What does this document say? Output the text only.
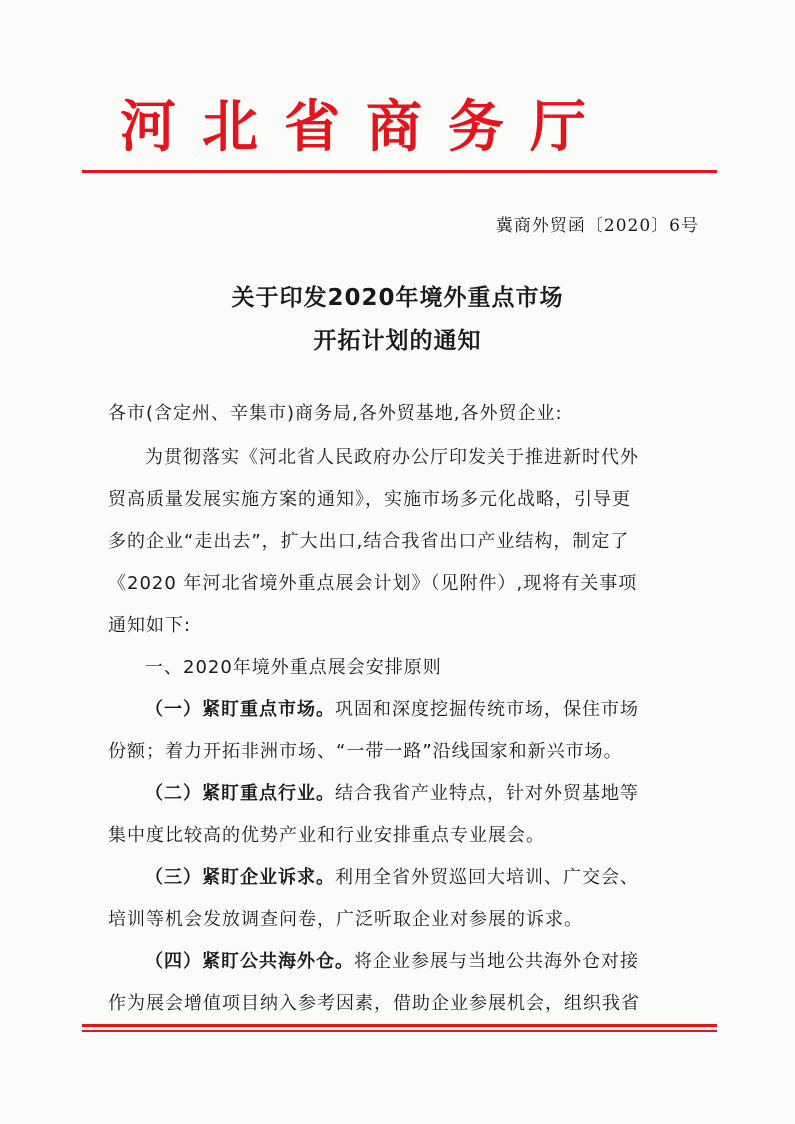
河北省商务厅
冀商外贸函〔2020〕6号
关于印发2020年境外重点市场
开拓计划的通知
各市(含定州、辛集市)商务局,各外贸基地,各外贸企业:
为贯彻落实《河北省人民政府办公厅印发关于推进新时代外
贸高质量发展实施方案的通知》，实施市场多元化战略，引导更
多的企业“走出去”，扩大出口,结合我省出口产业结构，制定了
《2020 年河北省境外重点展会计划》（见附件）,现将有关事项
通知如下:
一、2020年境外重点展会安排原则
（一）紧盯重点市场。巩固和深度挖掘传统市场，保住市场
份额；着力开拓非洲市场、“一带一路”沿线国家和新兴市场。
（二）紧盯重点行业。结合我省产业特点，针对外贸基地等
集中度比较高的优势产业和行业安排重点专业展会。
（三）紧盯企业诉求。利用全省外贸巡回大培训、广交会、
培训等机会发放调查问卷，广泛听取企业对参展的诉求。
（四）紧盯公共海外仓。将企业参展与当地公共海外仓对接
作为展会增值项目纳入参考因素，借助企业参展机会，组织我省
